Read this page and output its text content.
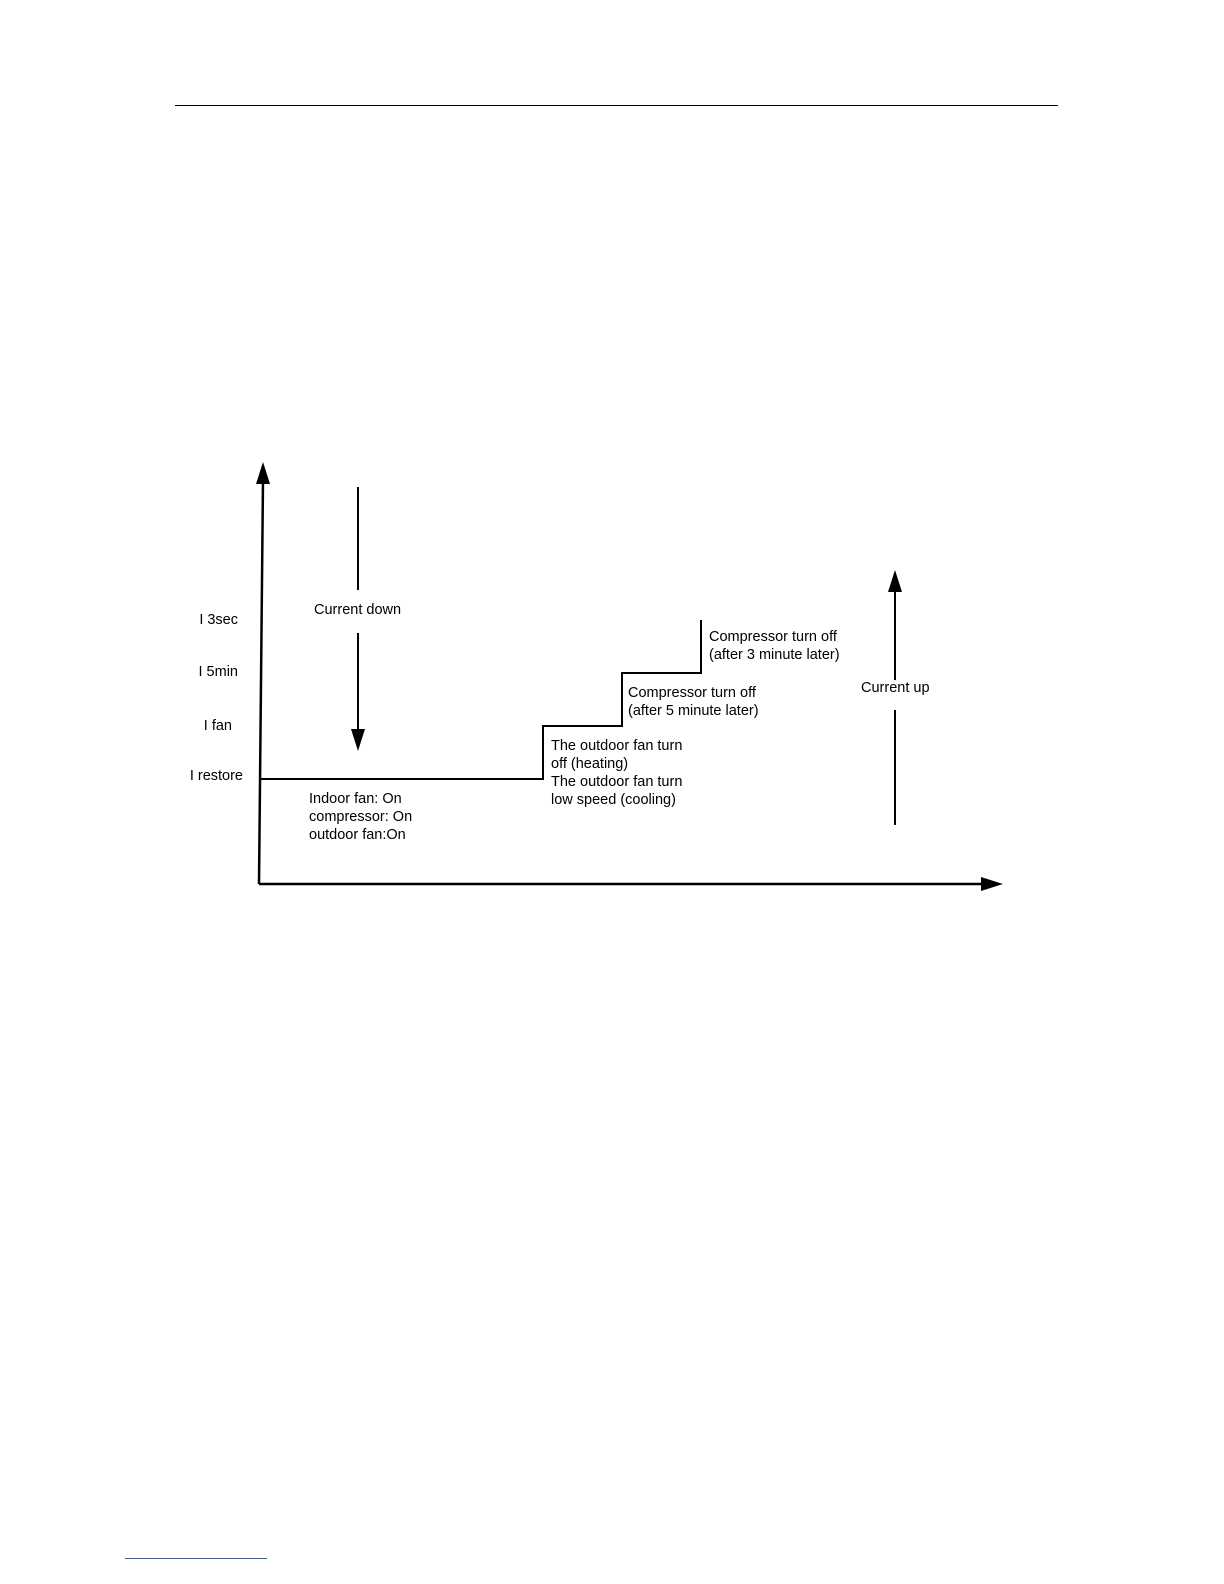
I 3sec
I 5min
I fan
I restore
Current down
Current up
Indoor fan: On
compressor: On
outdoor fan:On
The outdoor fan turn
off (heating)
The outdoor fan turn
low speed (cooling)
Compressor turn off
(after 5 minute later)
Compressor turn off
(after 3 minute later)
